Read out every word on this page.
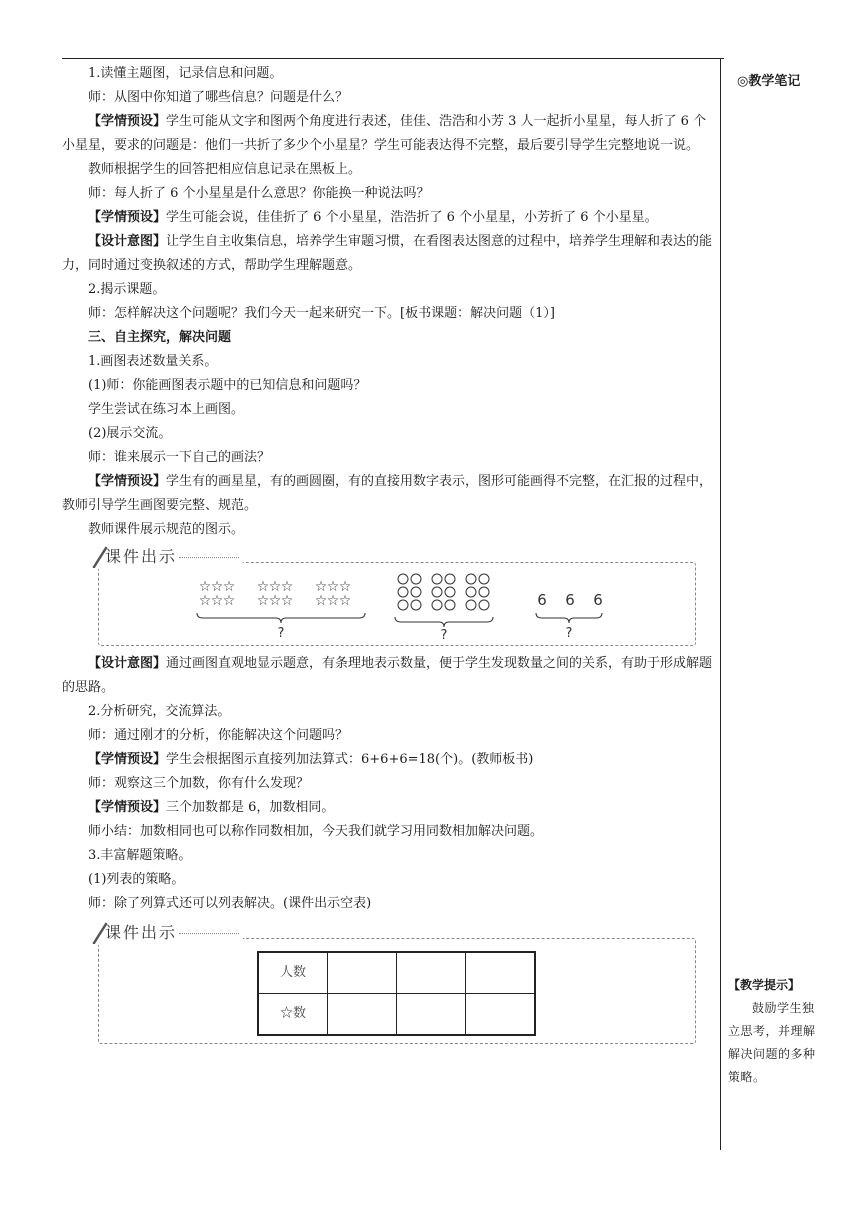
◎教学笔记
【教学提示】
鼓励学生独立思考，并理解解决问题的多种策略。

1.读懂主题图，记录信息和问题。

师：从图中你知道了哪些信息？问题是什么？

【学情预设】学生可能从文字和图两个角度进行表述，佳佳、浩浩和小芳 3 人一起折小星星，每人折了 6 个小星星，要求的问题是：他们一共折了多少个小星星？学生可能表达得不完整，最后要引导学生完整地说一说。

教师根据学生的回答把相应信息记录在黑板上。

师：每人折了 6 个小星星是什么意思？你能换一种说法吗？

【学情预设】学生可能会说，佳佳折了 6 个小星星，浩浩折了 6 个小星星，小芳折了 6 个小星星。

【设计意图】让学生自主收集信息，培养学生审题习惯，在看图表达图意的过程中，培养学生理解和表达的能力，同时通过变换叙述的方式，帮助学生理解题意。

2.揭示课题。

师：怎样解决这个问题呢？我们今天一起来研究一下。[板书课题：解决问题（1）]

三、自主探究，解决问题

1.画图表述数量关系。

(1)师：你能画图表示题中的已知信息和问题吗？

学生尝试在练习本上画图。

(2)展示交流。

师：谁来展示一下自己的画法？

【学情预设】学生有的画星星，有的画圆圈，有的直接用数字表示，图形可能画得不完整，在汇报的过程中，教师引导学生画图要完整、规范。

教师课件展示规范的图示。

课件出示
☆ ☆ ☆
☆ ☆ ☆
☆ ☆ ☆
☆ ☆ ☆
☆ ☆ ☆
☆ ☆ ☆
?	?
6 6 6
?

【设计意图】通过画图直观地显示题意，有条理地表示数量，便于学生发现数量之间的关系，有助于形成解题的思路。

2.分析研究，交流算法。

师：通过刚才的分析，你能解决这个问题吗？

【学情预设】学生会根据图示直接列加法算式：6+6+6=18(个)。(教师板书)

师：观察这三个加数，你有什么发现？

【学情预设】三个加数都是 6，加数相同。

师小结：加数相同也可以称作同数相加，今天我们就学习用同数相加解决问题。

3.丰富解题策略。

(1)列表的策略。

师：除了列算式还可以列表解决。(课件出示空表)

课件出示
人数			
☆数			
